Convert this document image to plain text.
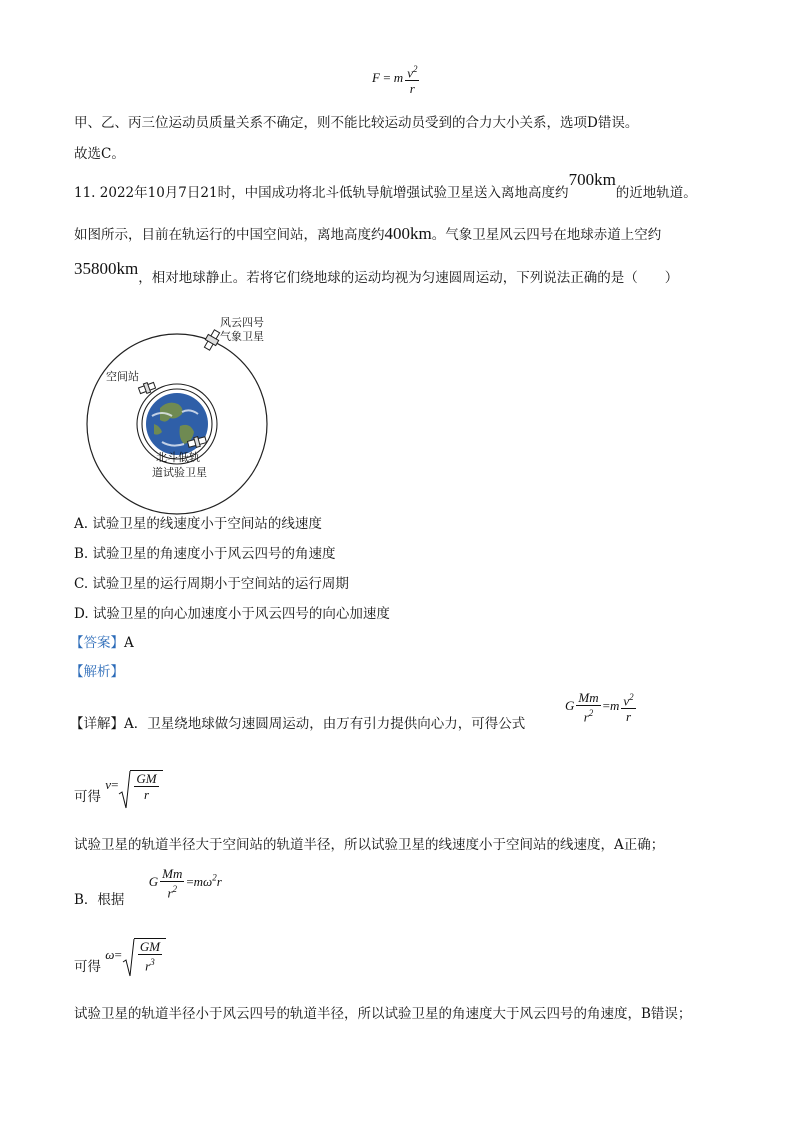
F = m $\frac{v^2}{r}$
甲、乙、丙三位运动员质量关系不确定，则不能比较运动员受到的合力大小关系，选项D错误。
故选C。
11. 2022年10月7日21时，中国成功将北斗低轨导航增强试验卫星送入离地高度约700km的近地轨道。
如图所示，目前在轨运行的中国空间站，离地高度约400km。气象卫星风云四号在地球赤道上空约
35800km，相对地球静止。若将它们绕地球的运动均视为匀速圆周运动，下列说法正确的是（　　）
风云四号
气象卫星
空间站
北斗低轨
道试验卫星
A. 试验卫星的线速度小于空间站的线速度
B. 试验卫星的角速度小于风云四号的角速度
C. 试验卫星的运行周期小于空间站的运行周期
D. 试验卫星的向心加速度小于风云四号的向心加速度
【答案】A
【解析】
【详解】A．卫星绕地球做匀速圆周运动，由万有引力提供向心力，可得公式
G $\frac{Mm}{r^2} =m \frac{v^2}{r}$
可得 $v= \frac{GM}{r}$
试验卫星的轨道半径大于空间站的轨道半径，所以试验卫星的线速度小于空间站的线速度，A正确；
B．根据 G $\frac{Mm}{r^2} =m\omega^2r$
可得 $\omega= \frac{GM}{r^3}$
试验卫星的轨道半径小于风云四号的轨道半径，所以试验卫星的角速度大于风云四号的角速度，B错误；
